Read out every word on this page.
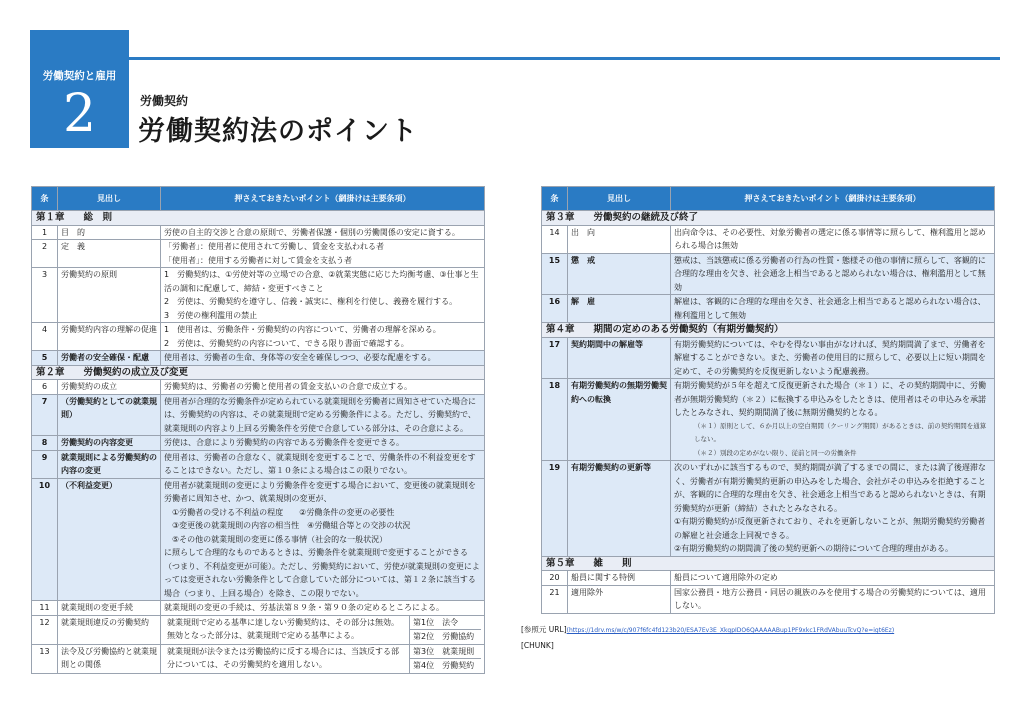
労働契約と雇用
2	労働契約
労働契約法のポイント
条	見出し	押さえておきたいポイント（網掛けは主要条項）
第１章　　総　則		
1	目　的	労使の自主的交渉と合意の原則で、労働者保護・個別の労働関係の安定に資する。

2	定　義	「労働者」：使用者に使用されて労働し、賃金を支払われる者
「使用者」：使用する労働者に対して賃金を支払う者

3	労働契約の原則	1　労働契約は、①労使対等の立場での合意、②就業実態に応じた均衡考慮、③仕事と生活の調和に配慮して、締結・変更すべきこと
2　労使は、労働契約を遵守し、信義・誠実に、権利を行使し、義務を履行する。
3　労使の権利濫用の禁止

4	労働契約内容の理解の促進	1　使用者は、労働条件・労働契約の内容について、労働者の理解を深める。
2　労使は、労働契約の内容について、できる限り書面で確認する。

5	労働者の安全確保・配慮	使用者は、労働者の生命、身体等の安全を確保しつつ、必要な配慮をする。

第２章　　労働契約の成立及び変更		
6	労働契約の成立	労働契約は、労働者の労働と使用者の賃金支払いの合意で成立する。

7	（労働契約としての就業規則）	使用者が合理的な労働条件が定められている就業規則を労働者に周知させていた場合には、労働契約の内容は、その就業規則で定める労働条件による。ただし、労働契約で、就業規則の内容より上回る労働条件を労使で合意している部分は、その合意による。

8	労働契約の内容変更	労使は、合意により労働契約の内容である労働条件を変更できる。

9	就業規則による労働契約の内容の変更	使用者は、労働者の合意なく、就業規則を変更することで、労働条件の不利益変更をすることはできない。ただし、第１０条による場合はこの限りでない。

10	（不利益変更）	使用者が就業規則の変更により労働条件を変更する場合において、変更後の就業規則を労働者に周知させ、かつ、就業規則の変更が、
　①労働者の受ける不利益の程度　　②労働条件の変更の必要性
　③変更後の就業規則の内容の相当性　④労働組合等との交渉の状況
　⑤その他の就業規則の変更に係る事情（社会的な一般状況）
に照らして合理的なものであるときは、労働条件を就業規則で変更することができる（つまり、不利益変更が可能）。ただし、労働契約において、労使が就業規則の変更によっては変更されない労働条件として合意していた部分については、第１２条に該当する場合（つまり、上回る場合）を除き、この限りでない。

11	就業規則の変更手続	就業規則の変更の手続は、労基法第８９条・第９０条の定めるところによる。

12	就業規則違反の労働契約	就業規則で定める基準に達しない労働契約は、その部分は無効。無効となった部分は、就業規則で定める基準による。
第1位　法令
第2位　労働協約

13	法令及び労働協約と就業規則との関係	就業規則が法令または労働協約に反する場合には、当該反する部分については、その労働契約を適用しない。
第3位　就業規則
第4位　労働契約
条	見出し	押さえておきたいポイント（網掛けは主要条項）
第３章　　労働契約の継続及び終了		
14	出　向	出向命令は、その必要性、対象労働者の選定に係る事情等に照らして、権利濫用と認められる場合は無効

15	懲　戒	懲戒は、当該懲戒に係る労働者の行為の性質・態様その他の事情に照らして、客観的に合理的な理由を欠き、社会通念上相当であると認められない場合は、権利濫用として無効

16	解　雇	解雇は、客観的に合理的な理由を欠き、社会通念上相当であると認められない場合は、権利濫用として無効

第４章　　期間の定めのある労働契約（有期労働契約）		
17	契約期間中の解雇等	有期労働契約については、やむを得ない事由がなければ、契約期間満了まで、労働者を解雇することができない。また、労働者の使用目的に照らして、必要以上に短い期間を定めて、その労働契約を反復更新しないよう配慮義務。

18	有期労働契約の無期労働契約への転換	有期労働契約が５年を超えて反復更新された場合（＊１）に、その契約期間中に、労働者が無期労働契約（＊２）に転換する申込みをしたときは、使用者はその申込みを承諾したとみなされ、契約期間満了後に無期労働契約となる。
（＊１）原則として、６か月以上の空白期間（クーリング期間）があるときは、前の契約期間を通算しない。
（＊２）別段の定めがない限り、従前と同一の労働条件

19	有期労働契約の更新等	次のいずれかに該当するもので、契約期間が満了するまでの間に、または満了後遅滞なく、労働者が有期労働契約更新の申込みをした場合、会社がその申込みを拒絶することが、客観的に合理的な理由を欠き、社会通念上相当であると認められないときは、有期労働契約が更新（締結）されたとみなされる。
①有期労働契約が反復更新されており、それを更新しないことが、無期労働契約労働者の解雇と社会通念上同視できる。
②有期労働契約の期間満了後の契約更新への期待について合理的理由がある。

第５章　　雑　　則		
20	船員に関する特例	船員について適用除外の定め

21	適用除外	国家公務員・地方公務員・同居の親族のみを使用する場合の労働契約については、適用しない。
[参照元 URL](https://1drv.ms/w/c/907f6fc4fd123b20/ESA7Ev3E_XkgpIDO6QAAAAABup1PF9xkc1FRdVAbuuTcvQ?e=igt6Ez)
[CHUNK]
